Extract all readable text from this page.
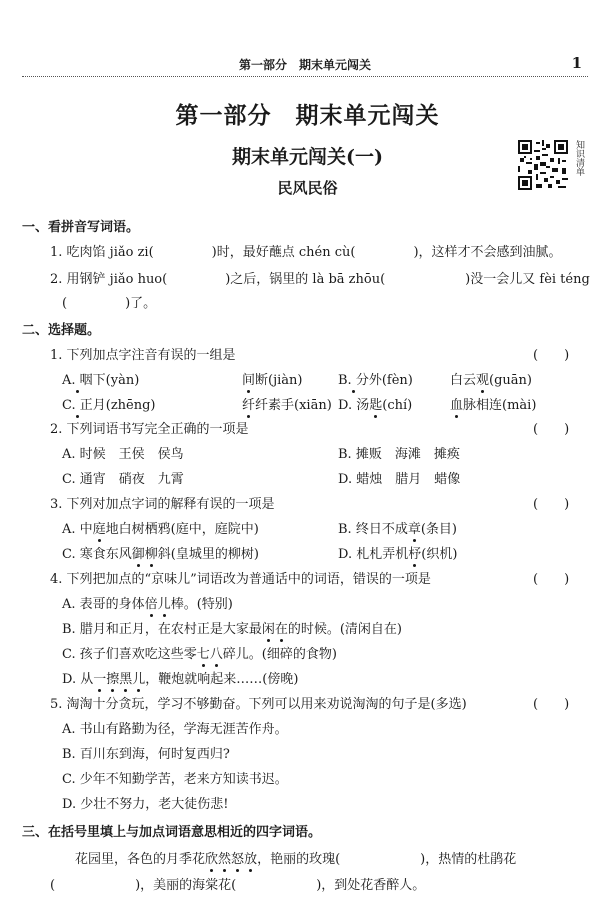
第一部分　期末单元闯关	1
第一部分　期末单元闯关
期末单元闯关(一)
民风民俗
知识清单
一、看拼音写词语。
1. 吃肉馅 jiǎo zi(	)时，最好蘸点 chén cù(	)，这样才不会感到油腻。
2. 用钢铲 jiǎo huo(	)之后，锅里的 là bā zhōu(	)没一会儿又 fèi téng
(	)了。
二、选择题。
1. 下列加点字注音有误的一组是	(　　)
A. 咽下(yàn)	间断(jiàn)	B. 分外(fèn)	白云观(guān)
C. 正月(zhēng)	纤纤素手(xiān) D. 汤匙(chí)	血脉相连(mài)
2. 下列词语书写完全正确的一项是	(　　)
A. 时候　王侯　侯鸟	B. 摊贩　海滩　摊痪
C. 通宵　硝夜　九霄	D. 蜡烛　腊月　蜡像
3. 下列对加点字词的解释有误的一项是	(　　)
A. 中庭地白树栖鸦(庭中，庭院中)	B. 终日不成章(条目)
C. 寒食东风御柳斜(皇城里的柳树)	D. 札札弄机杼(织机)
4. 下列把加点的“京味儿”词语改为普通话中的词语，错误的一项是	(　　)
A. 表哥的身体倍儿棒。(特别)
B. 腊月和正月，在农村正是大家最闲在的时候。(清闲自在)
C. 孩子们喜欢吃这些零七八碎儿。(细碎的食物)
D. 从一擦黑儿，鞭炮就响起来……(傍晚)
5. 淘淘十分贪玩，学习不够勤奋。下列可以用来劝说淘淘的句子是(多选)	(　　)
A. 书山有路勤为径，学海无涯苦作舟。
B. 百川东到海，何时复西归?
C. 少年不知勤学苦，老来方知读书迟。
D. 少壮不努力，老大徒伤悲!
三、在括号里填上与加点词语意思相近的四字词语。
花园里，各色的月季花欣然怒放，艳丽的玫瑰(	)，热情的杜鹃花
(	)，美丽的海棠花(	)，到处花香醉人。
